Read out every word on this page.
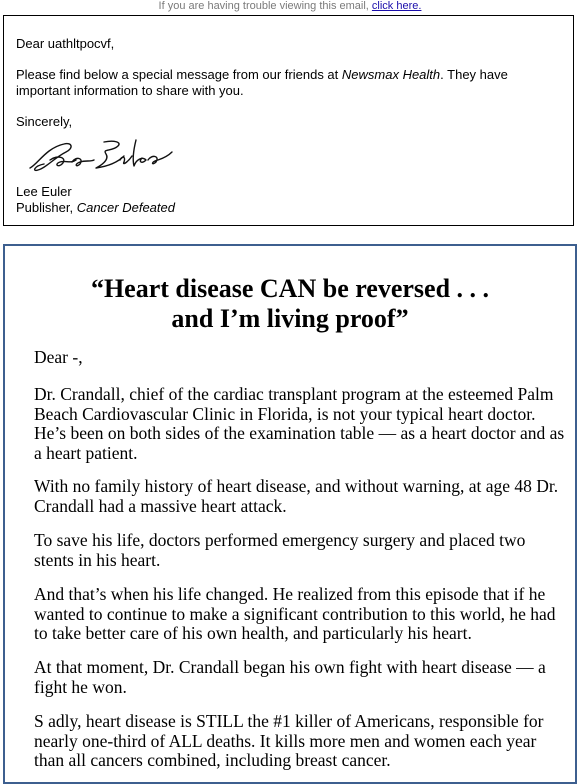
If you are having trouble viewing this email, click here.

Dear uathltpocvf,

Please find below a special message from our friends at Newsmax Health. They have important information to share with you.

Sincerely,

Lee Euler

Publisher, Cancer Defeated

“Heart disease CAN be reversed . . .
and I’m living proof”

Dear -,

Dr. Crandall, chief of the cardiac transplant program at the esteemed Palm Beach Cardiovascular Clinic in Florida, is not your typical heart doctor. He’s been on both sides of the examination table — as a heart doctor and as a heart patient.

With no family history of heart disease, and without warning, at age 48 Dr. Crandall had a massive heart attack.

To save his life, doctors performed emergency surgery and placed two stents in his heart.

And that’s when his life changed. He realized from this episode that if he wanted to continue to make a significant contribution to this world, he had to take better care of his own health, and particularly his heart.

At that moment, Dr. Crandall began his own fight with heart disease — a fight he won.

S adly, heart disease is STILL the #1 killer of Americans, responsible for nearly one-third of ALL deaths. It kills more men and women each year than all cancers combined, including breast cancer.
